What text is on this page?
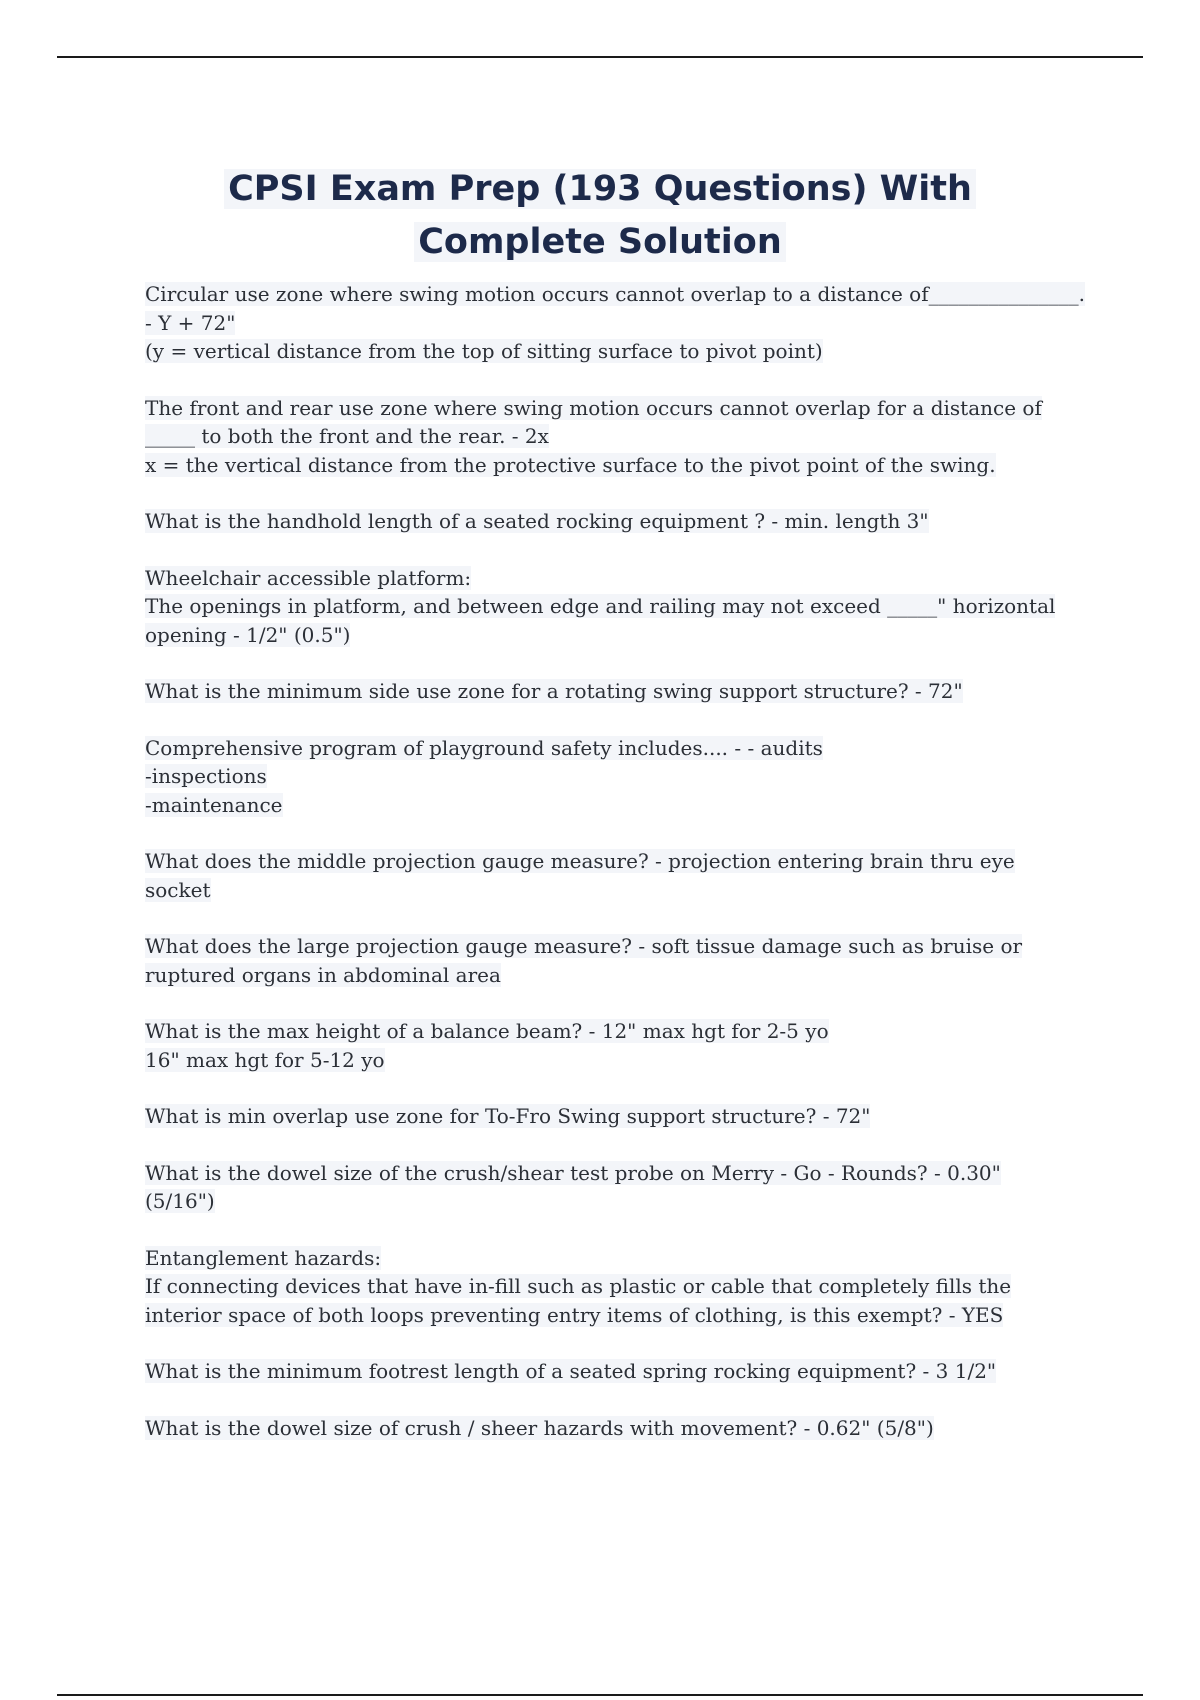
CPSI Exam Prep (193 Questions) With
Complete Solution

Circular use zone where swing motion occurs cannot overlap to a distance of_______________.

- Y + 72"

(y = vertical distance from the top of sitting surface to pivot point)

The front and rear use zone where swing motion occurs cannot overlap for a distance of

_____ to both the front and the rear. - 2x

x = the vertical distance from the protective surface to the pivot point of the swing.

What is the handhold length of a seated rocking equipment ? - min. length 3"

Wheelchair accessible platform:

The openings in platform, and between edge and railing may not exceed _____" horizontal

opening - 1/2" (0.5")

What is the minimum side use zone for a rotating swing support structure? - 72"

Comprehensive program of playground safety includes.... - - audits

-inspections

-maintenance

What does the middle projection gauge measure? - projection entering brain thru eye

socket

What does the large projection gauge measure? - soft tissue damage such as bruise or

ruptured organs in abdominal area

What is the max height of a balance beam? - 12" max hgt for 2-5 yo

16" max hgt for 5-12 yo

What is min overlap use zone for To-Fro Swing support structure? - 72"

What is the dowel size of the crush/shear test probe on Merry - Go - Rounds? - 0.30"

(5/16")

Entanglement hazards:

If connecting devices that have in-fill such as plastic or cable that completely fills the

interior space of both loops preventing entry items of clothing, is this exempt? - YES

What is the minimum footrest length of a seated spring rocking equipment? - 3 1/2"

What is the dowel size of crush / sheer hazards with movement? - 0.62" (5/8")
